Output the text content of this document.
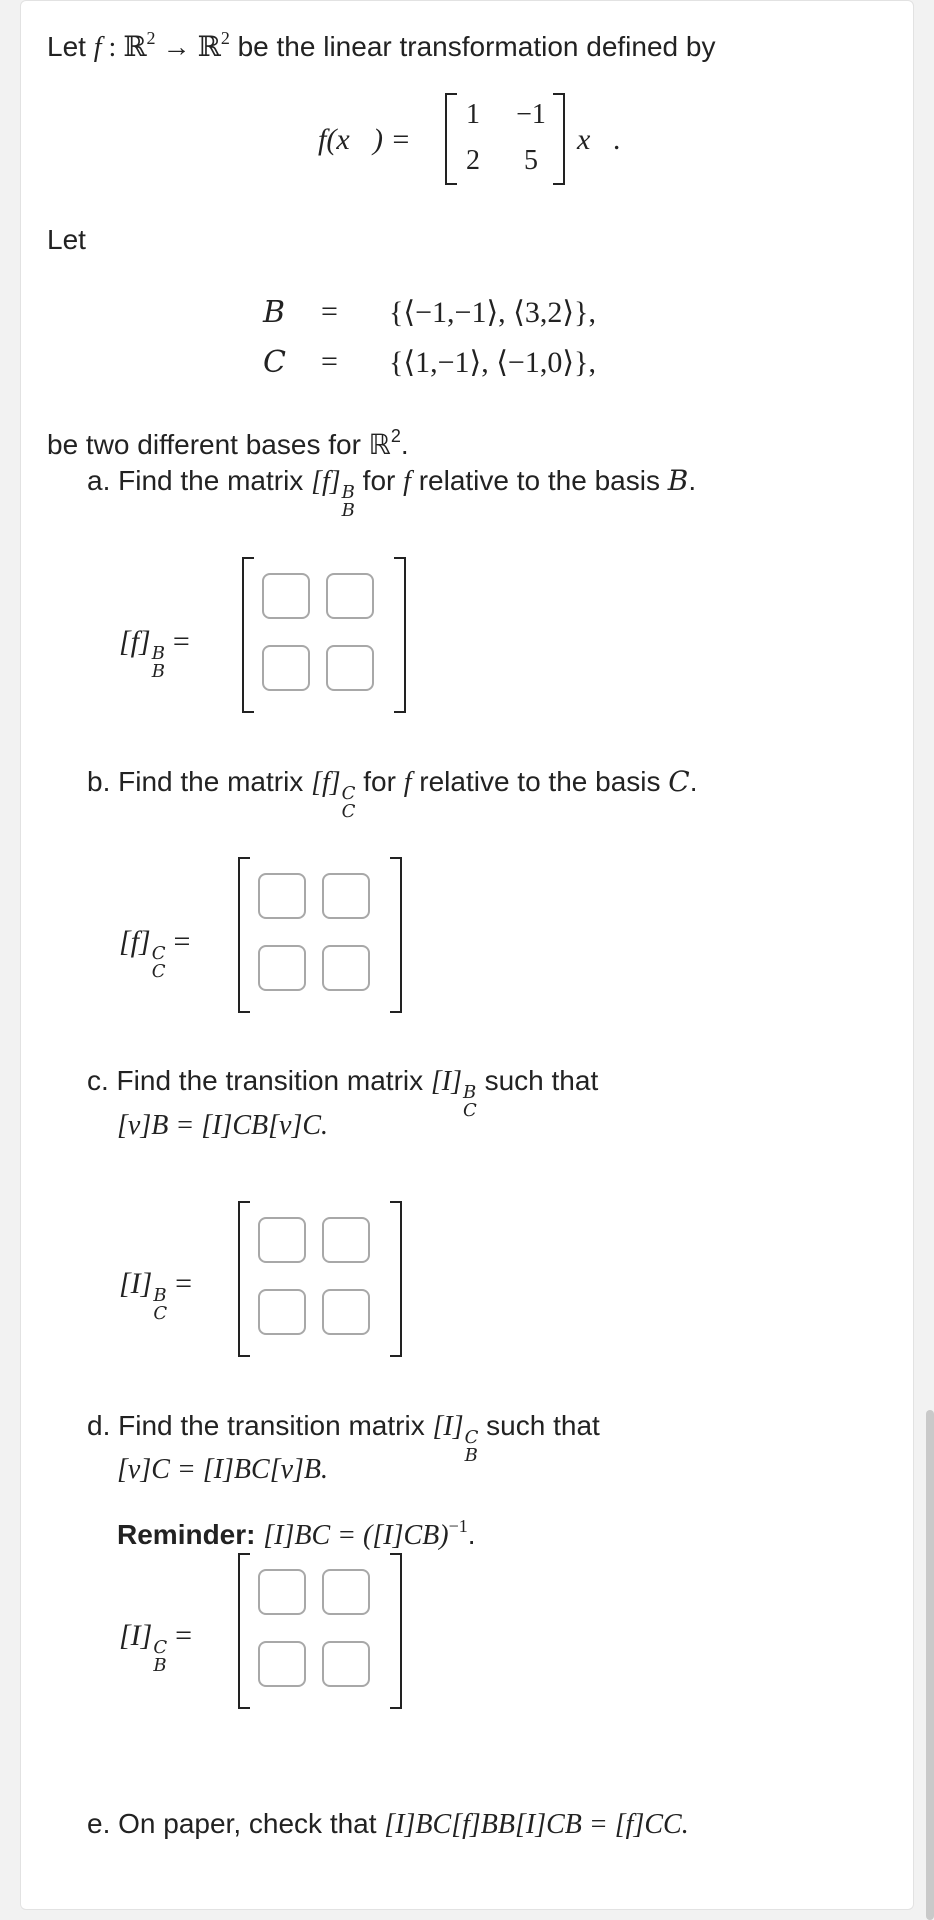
Let f : ℝ$^2$ → ℝ$^2$ be the linear transformation defined by
f(x⃗) =
1	−1
2	5
x⃗.
Let
B = {⟨−1,−1⟩, ⟨3,2⟩},
C = {⟨1,−1⟩, ⟨−1,0⟩},
be two different bases for ℝ$^2$.
a. Find the matrix [f] B
B
for f relative to the basis B.
[f] B
B
=
b. Find the matrix [f] C
C
for f relative to the basis C.
[f] C
C
=
c. Find the transition matrix [I] B
C
such that
[v]B = [I]CB[v]C.
[I] B
C
=
d. Find the transition matrix [I] C
B
such that
[v]C = [I]BC[v]B.
Reminder: $[I]BC = ([I]CB)^{-1}$.
[I] C
B
=
e. On paper, check that [I]BC[f]BB[I]CB = [f]CC.
